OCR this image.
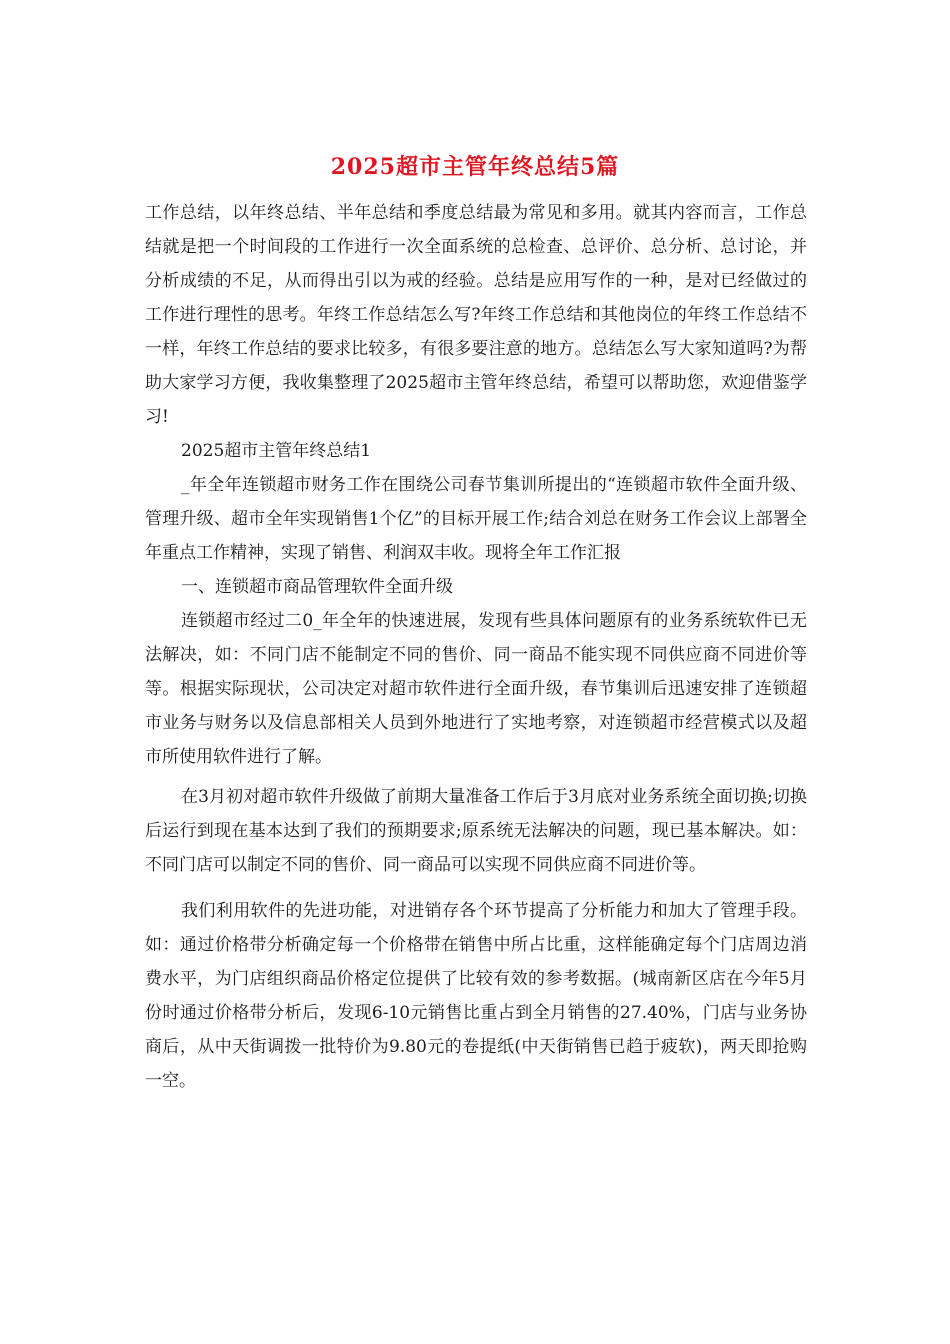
2025超市主管年终总结5篇

工作总结，以年终总结、半年总结和季度总结最为常见和多用。就其内容而言，工作总结就是把一个时间段的工作进行一次全面系统的总检查、总评价、总分析、总讨论，并分析成绩的不足，从而得出引以为戒的经验。总结是应用写作的一种，是对已经做过的工作进行理性的思考。年终工作总结怎么写?年终工作总结和其他岗位的年终工作总结不一样，年终工作总结的要求比较多，有很多要注意的地方。总结怎么写大家知道吗?为帮助大家学习方便，我收集整理了2025超市主管年终总结，希望可以帮助您，欢迎借鉴学习!

2025超市主管年终总结1

_年全年连锁超市财务工作在围绕公司春节集训所提出的“连锁超市软件全面升级、管理升级、超市全年实现销售1个亿”的目标开展工作;结合刘总在财务工作会议上部署全年重点工作精神，实现了销售、利润双丰收。现将全年工作汇报

一、连锁超市商品管理软件全面升级

连锁超市经过二0_年全年的快速进展，发现有些具体问题原有的业务系统软件已无法解决，如：不同门店不能制定不同的售价、同一商品不能实现不同供应商不同进价等等。根据实际现状，公司决定对超市软件进行全面升级，春节集训后迅速安排了连锁超市业务与财务以及信息部相关人员到外地进行了实地考察，对连锁超市经营模式以及超市所使用软件进行了解。

在3月初对超市软件升级做了前期大量准备工作后于3月底对业务系统全面切换;切换后运行到现在基本达到了我们的预期要求;原系统无法解决的问题，现已基本解决。如：不同门店可以制定不同的售价、同一商品可以实现不同供应商不同进价等。

我们利用软件的先进功能，对进销存各个环节提高了分析能力和加大了管理手段。如：通过价格带分析确定每一个价格带在销售中所占比重，这样能确定每个门店周边消费水平，为门店组织商品价格定位提供了比较有效的参考数据。(城南新区店在今年5月份时通过价格带分析后，发现6-10元销售比重占到全月销售的27.40%，门店与业务协商后，从中天街调拨一批特价为9.80元的卷提纸(中天街销售已趋于疲软)，两天即抢购一空。
